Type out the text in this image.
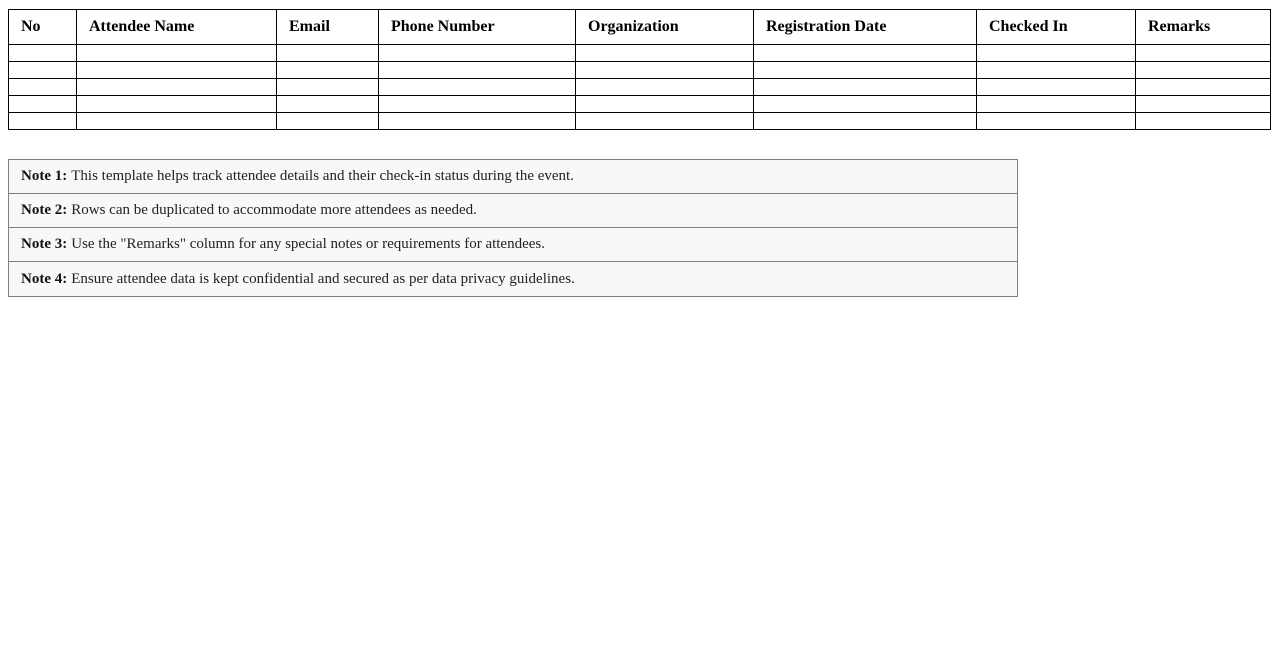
No	Attendee Name	Email	Phone Number	Organization	Registration Date	Checked In	Remarks

Note 1: This template helps track attendee details and their check-in status during the event.
Note 2: Rows can be duplicated to accommodate more attendees as needed.
Note 3: Use the "Remarks" column for any special notes or requirements for attendees.
Note 4: Ensure attendee data is kept confidential and secured as per data privacy guidelines.
